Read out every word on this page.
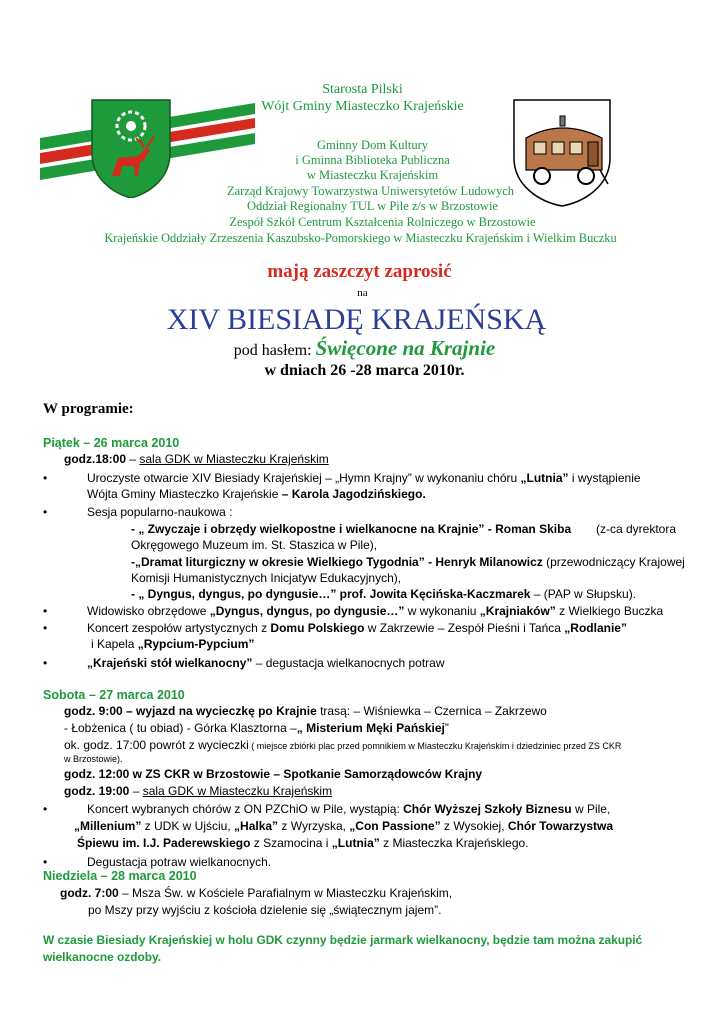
Starosta Pilski
Wójt Gminy Miasteczko Krajeńskie
Gminny Dom Kultury
i Gminna Biblioteka Publiczna
w Miasteczku Krajeńskim
Zarząd Krajowy Towarzystwa Uniwersytetów Ludowych
Oddział Regionalny TUL w Pile z/s w Brzostowie
Zespół Szkół Centrum Kształcenia Rolniczego w Brzostowie
Krajeńskie Oddziały Zrzeszenia Kaszubsko-Pomorskiego w Miasteczku Krajeńskim i Wielkim Buczku
mają zaszczyt zaprosić
na
XIV BIESIADĘ KRAJEŃSKĄ
pod hasłem: Święcone na Krajnie
w dniach 26 -28 marca 2010r.
W programie:
Piątek – 26 marca 2010
godz.18:00 – sala GDK w Miasteczku Krajeńskim
•	Uroczyste otwarcie XIV Biesiady Krajeńskiej – „Hymn Krajny” w wykonaniu chóru „Lutnia” i wystąpienie
Wójta Gminy Miasteczko Krajeńskie – Karola Jagodzińskiego.
•	Sesja popularno-naukowa :
- „ Zwyczaje i obrzędy wielkopostne i wielkanocne na Krajnie” - Roman Skiba (z-ca dyrektora
Okręgowego Muzeum im. St. Staszica w Pile),
-„Dramat liturgiczny w okresie Wielkiego Tygodnia” - Henryk Milanowicz (przewodniczący Krajowej
Komisji Humanistycznych Inicjatyw Edukacyjnych),
- „ Dyngus, dyngus, po dyngusie…” prof. Jowita Kęcińska-Kaczmarek – (PAP w Słupsku).
•	Widowisko obrzędowe „Dyngus, dyngus, po dyngusie…” w wykonaniu „Krajniaków” z Wielkiego Buczka
•	Koncert zespołów artystycznych z Domu Polskiego w Zakrzewie – Zespół Pieśni i Tańca „Rodlanie”
i Kapela „Rypcium-Pypcium”
•	„Krajeński stół wielkanocny” – degustacja wielkanocnych potraw
Sobota – 27 marca 2010
godz. 9:00 – wyjazd na wycieczkę po Krajnie trasą: – Wiśniewka – Czernica – Zakrzewo
- Łobżenica ( tu obiad) - Górka Klasztorna –„ Misterium Męki Pańskiej”
ok. godz. 17:00 powrót z wycieczki ( miejsce zbiórki plac przed pomnikiem w Miasteczku Krajeńskim i dziedziniec przed ZS CKR
w Brzostowie).
godz. 12:00 w ZS CKR w Brzostowie – Spotkanie Samorządowców Krajny
godz. 19:00 – sala GDK w Miasteczku Krajeńskim
•	Koncert wybranych chórów z ON PZChiO w Pile, wystąpią: Chór Wyższej Szkoły Biznesu w Pile,
„Millenium” z UDK w Ujściu, „Halka” z Wyrzyska, „Con Passione” z Wysokiej, Chór Towarzystwa
Śpiewu im. I.J. Paderewskiego z Szamocina i „Lutnia” z Miasteczka Krajeńskiego.
•	Degustacja potraw wielkanocnych.
Niedziela – 28 marca 2010
godz. 7:00 – Msza Św. w Kościele Parafialnym w Miasteczku Krajeńskim,
po Mszy przy wyjściu z kościoła dzielenie się „świątecznym jajem”.
W czasie Biesiady Krajeńskiej w holu GDK czynny będzie jarmark wielkanocny, będzie tam można zakupić
wielkanocne ozdoby.
